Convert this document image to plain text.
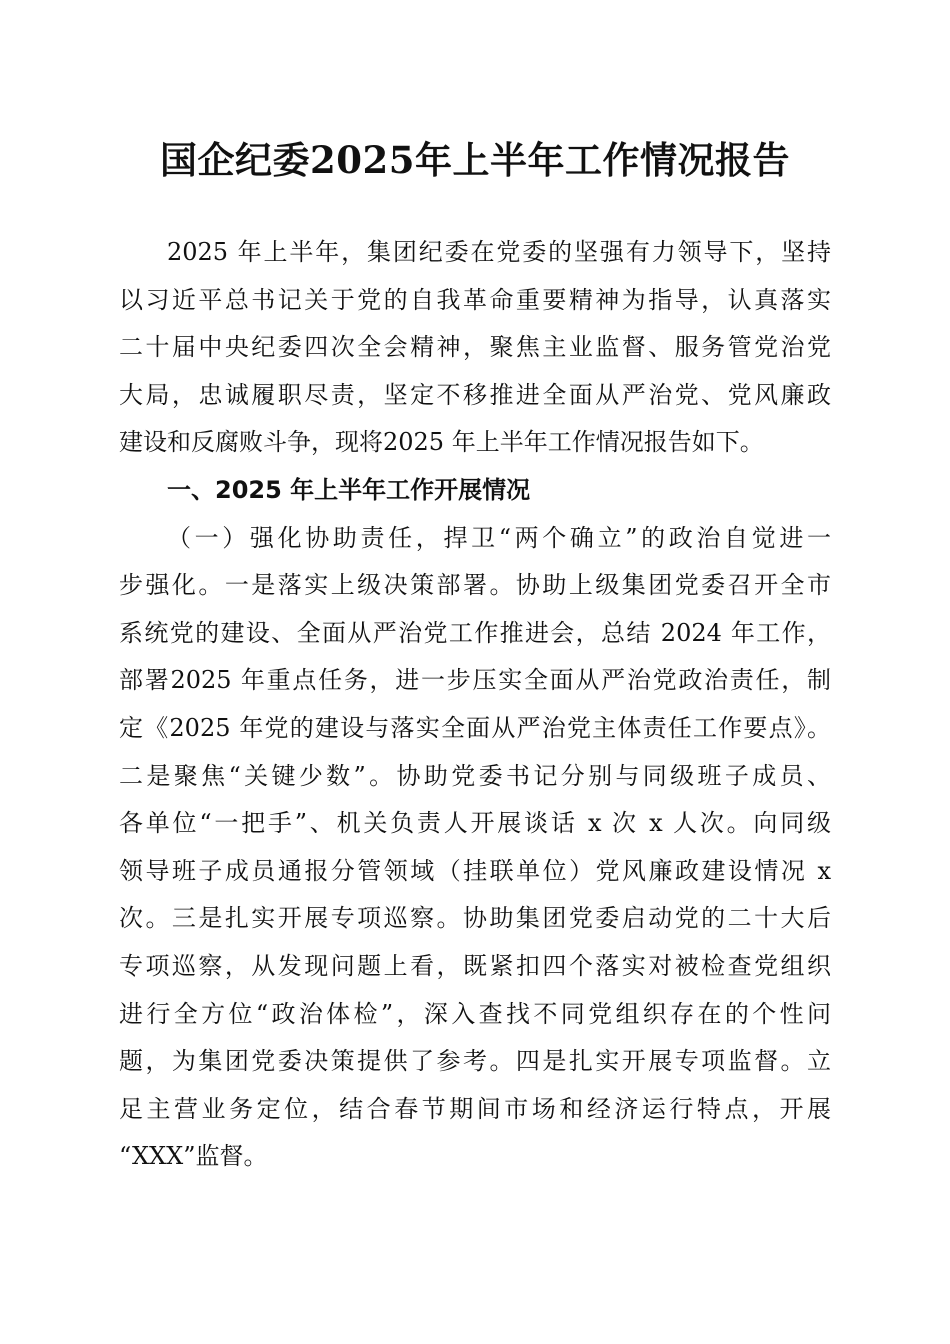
国企纪委2025年上半年工作情况报告
2025 年上半年，集团纪委在党委的坚强有力领导下，坚持
以习近平总书记关于党的自我革命重要精神为指导，认真落实
二十届中央纪委四次全会精神，聚焦主业监督、服务管党治党
大局，忠诚履职尽责，坚定不移推进全面从严治党、党风廉政
建设和反腐败斗争，现将2025 年上半年工作情况报告如下。
一、2025 年上半年工作开展情况
（一）强化协助责任，捍卫“两个确立”的政治自觉进一
步强化。一是落实上级决策部署。协助上级集团党委召开全市
系统党的建设、全面从严治党工作推进会，总结 2024 年工作，
部署2025 年重点任务，进一步压实全面从严治党政治责任，制
定《2025 年党的建设与落实全面从严治党主体责任工作要点》。
二是聚焦“关键少数”。协助党委书记分别与同级班子成员、
各单位“一把手”、机关负责人开展谈话 x 次 x 人次。向同级
领导班子成员通报分管领域（挂联单位）党风廉政建设情况 x
次。三是扎实开展专项巡察。协助集团党委启动党的二十大后
专项巡察，从发现问题上看，既紧扣四个落实对被检查党组织
进行全方位“政治体检”，深入查找不同党组织存在的个性问
题，为集团党委决策提供了参考。四是扎实开展专项监督。立
足主营业务定位，结合春节期间市场和经济运行特点，开展
“XXX”监督。
